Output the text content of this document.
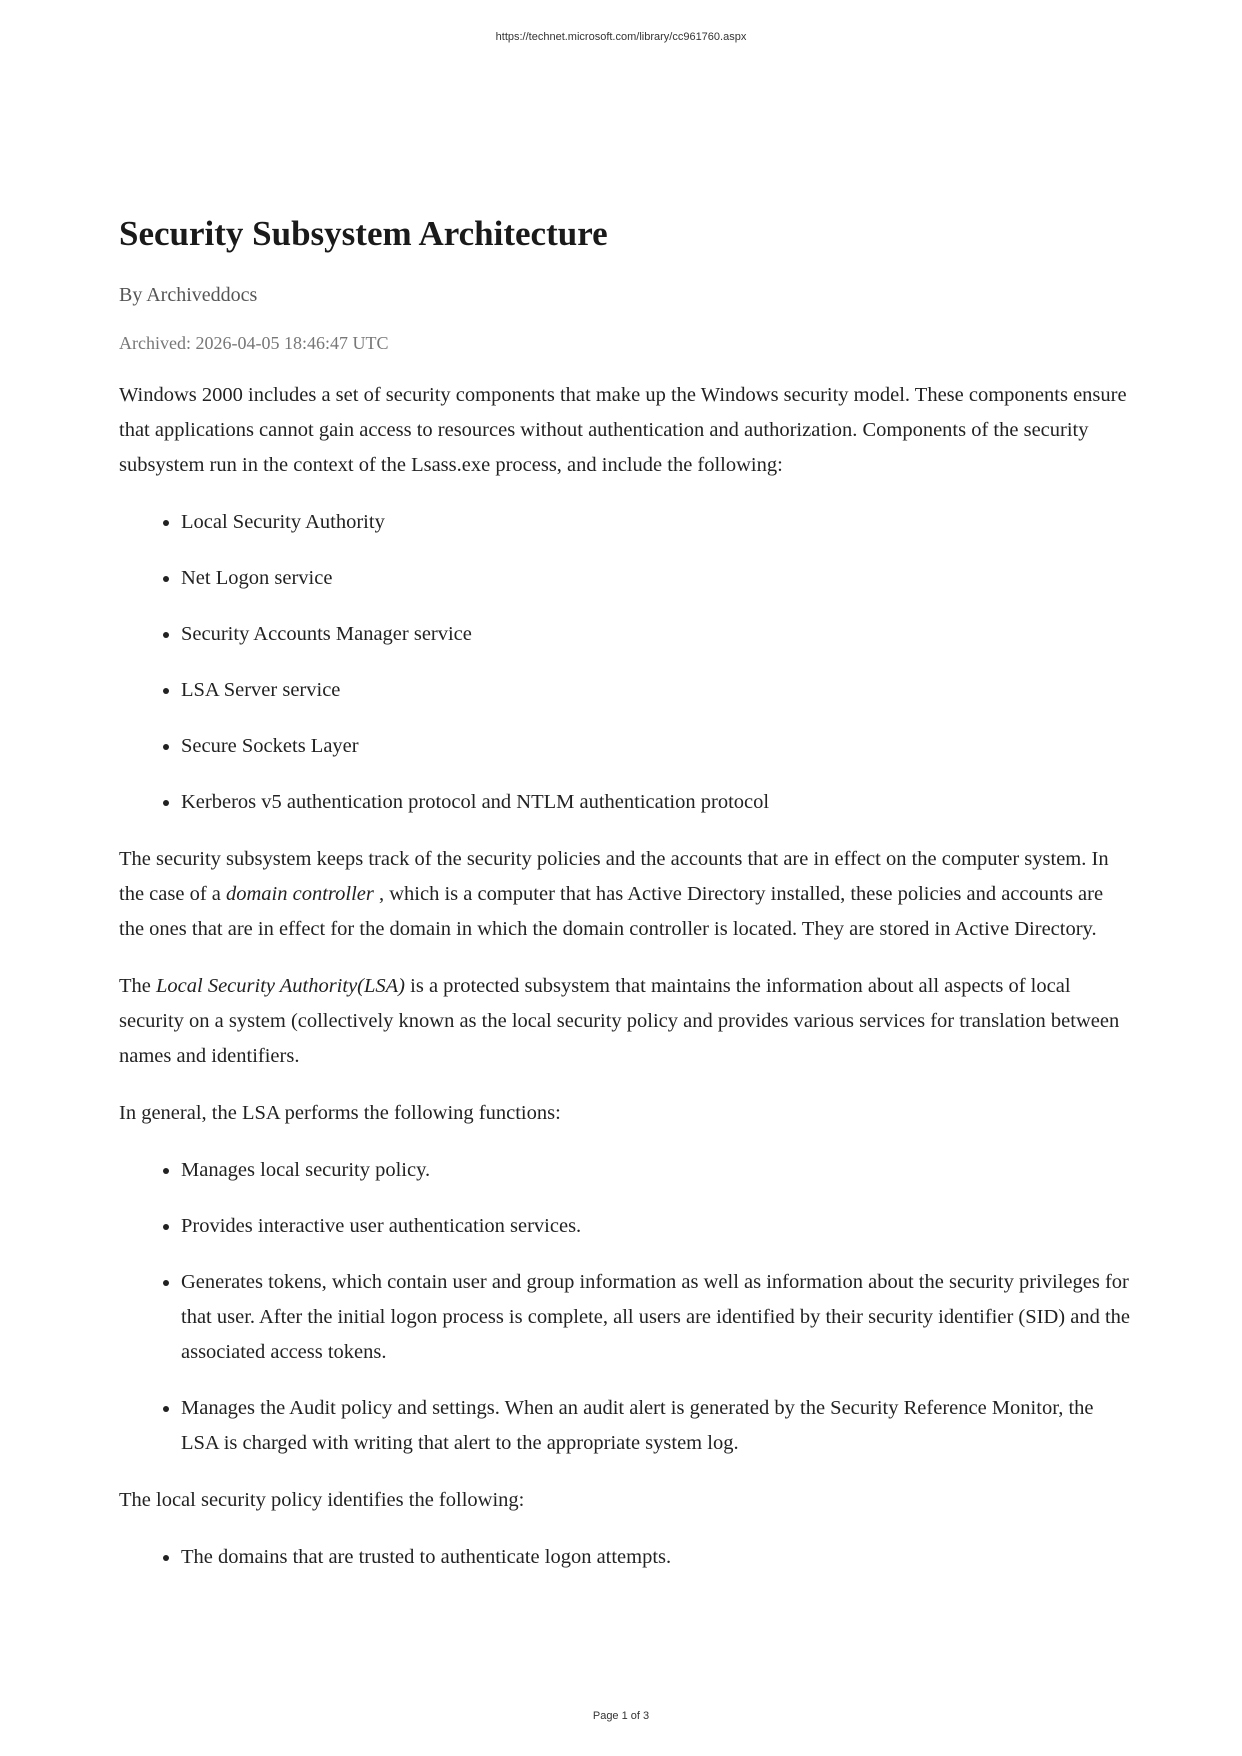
https://technet.microsoft.com/library/cc961760.aspx
Security Subsystem Architecture
By Archiveddocs
Archived: 2026-04-05 18:46:47 UTC

Windows 2000 includes a set of security components that make up the Windows security model. These components ensure that applications cannot gain access to resources without authentication and authorization. Components of the security subsystem run in the context of the Lsass.exe process, and include the following:

• Local Security Authority
• Net Logon service
• Security Accounts Manager service
• LSA Server service
• Secure Sockets Layer
• Kerberos v5 authentication protocol and NTLM authentication protocol

The security subsystem keeps track of the security policies and the accounts that are in effect on the computer system. In the case of a domain controller , which is a computer that has Active Directory installed, these policies and accounts are the ones that are in effect for the domain in which the domain controller is located. They are stored in Active Directory.

The Local Security Authority(LSA) is a protected subsystem that maintains the information about all aspects of local security on a system (collectively known as the local security policy and provides various services for translation between names and identifiers.

In general, the LSA performs the following functions:

• Manages local security policy.
• Provides interactive user authentication services.
• Generates tokens, which contain user and group information as well as information about the security privileges for that user. After the initial logon process is complete, all users are identified by their security identifier (SID) and the associated access tokens.
• Manages the Audit policy and settings. When an audit alert is generated by the Security Reference Monitor, the LSA is charged with writing that alert to the appropriate system log.

The local security policy identifies the following:

• The domains that are trusted to authenticate logon attempts.
Page 1 of 3
